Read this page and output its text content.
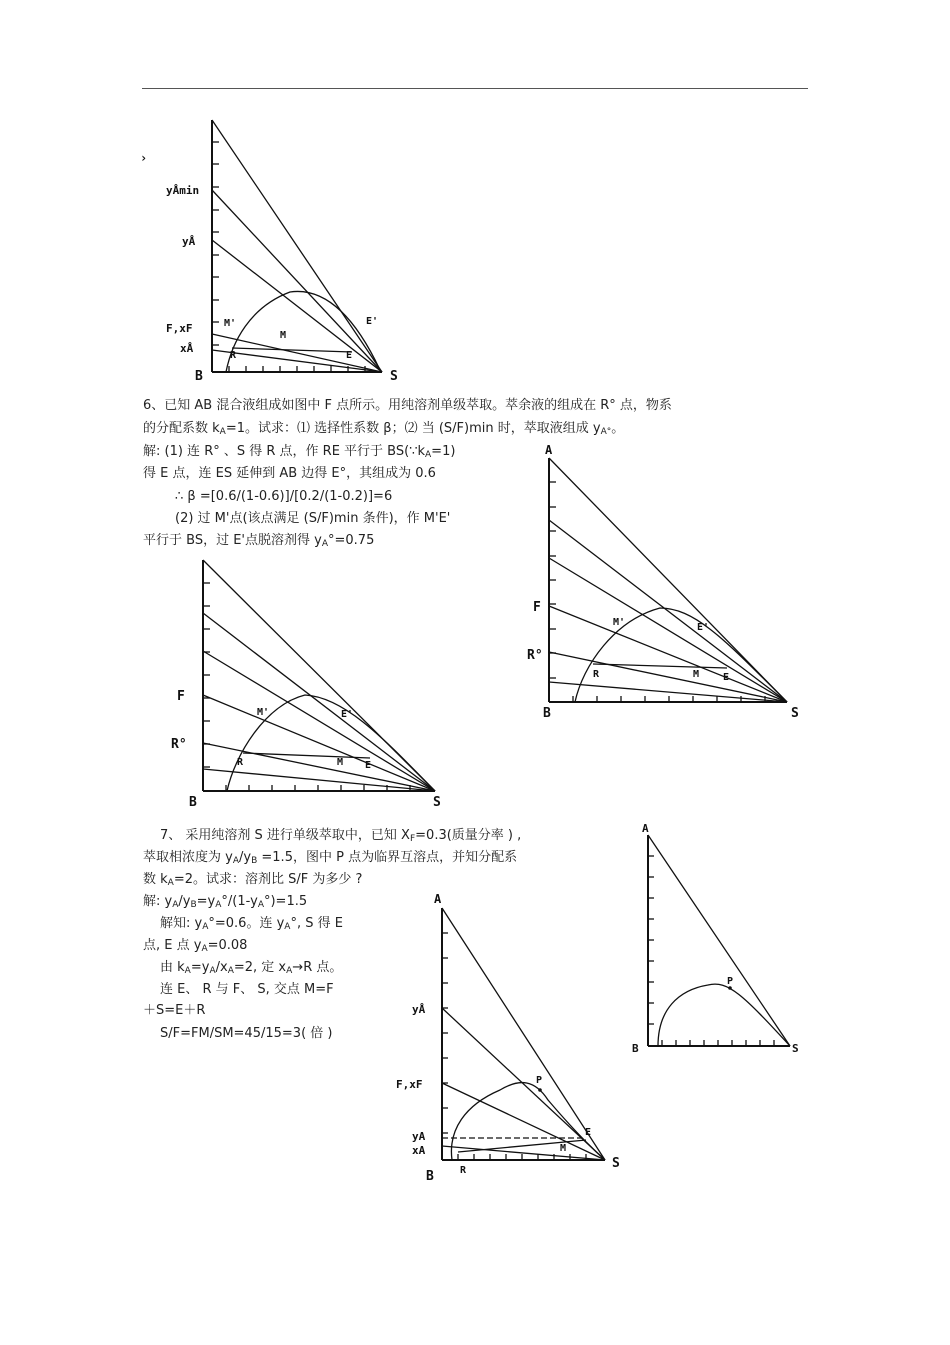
›
yÅmin
yÅ
F,xF
xÅ
M'	E'
M
R	E
B	S
6、已知 AB 混合液组成如图中 F 点所示。用纯溶剂单级萃取。萃余液的组成在 R° 点，物系
的分配系数 $k_A=1$。试求：⑴ 选择性系数 β；⑵ 当 (S/F)min 时，萃取液组成 $y_{A^\circ}$。
解: (1) 连 R° 、S 得 R 点，作 RE 平行于 $BS(\because k_A=1)$
得 E 点，连 ES 延伸到 AB 边得 E°，其组成为 0.6
∴ β =[0.6/(1-0.6)]/[0.2/(1-0.2)]=6
(2) 过 M'点(该点满足 (S/F)min 条件)，作 M'E'
平行于 BS，过 E'点脱溶剂得 $y_A^\circ=0.75$
A
F
M'	E'
R°
R	M E
B	S
F
M'	E'
R°
R	M E
B	S
7、 采用纯溶剂 S 进行单级萃取中，已知 $X_F=0.3$(质量分率 ) ,
萃取相浓度为 $y_A/y_B =1.5$，图中 P 点为临界互溶点，并知分配系
数 $k_A=2$。试求：溶剂比 S/F 为多少 ?
解: $y_A/y_B=y_A^\circ/(1-y_A^\circ)=1.5$
解知: $y_A^\circ=0.6$。连 $y_A^\circ$, S 得 E
点, E 点 $y_A=0.08$
由 $k_A=y_A/x_A=2$, 定 $x_A\to R$ 点。
连 E、 R 与 F、 S, 交点 M=F
＋S=E＋R
S/F=FM/SM=45/15=3( 倍 )
A
P
B	S
A
yÅ
F,xF	P
yA
xA
E
M
R
B
S
